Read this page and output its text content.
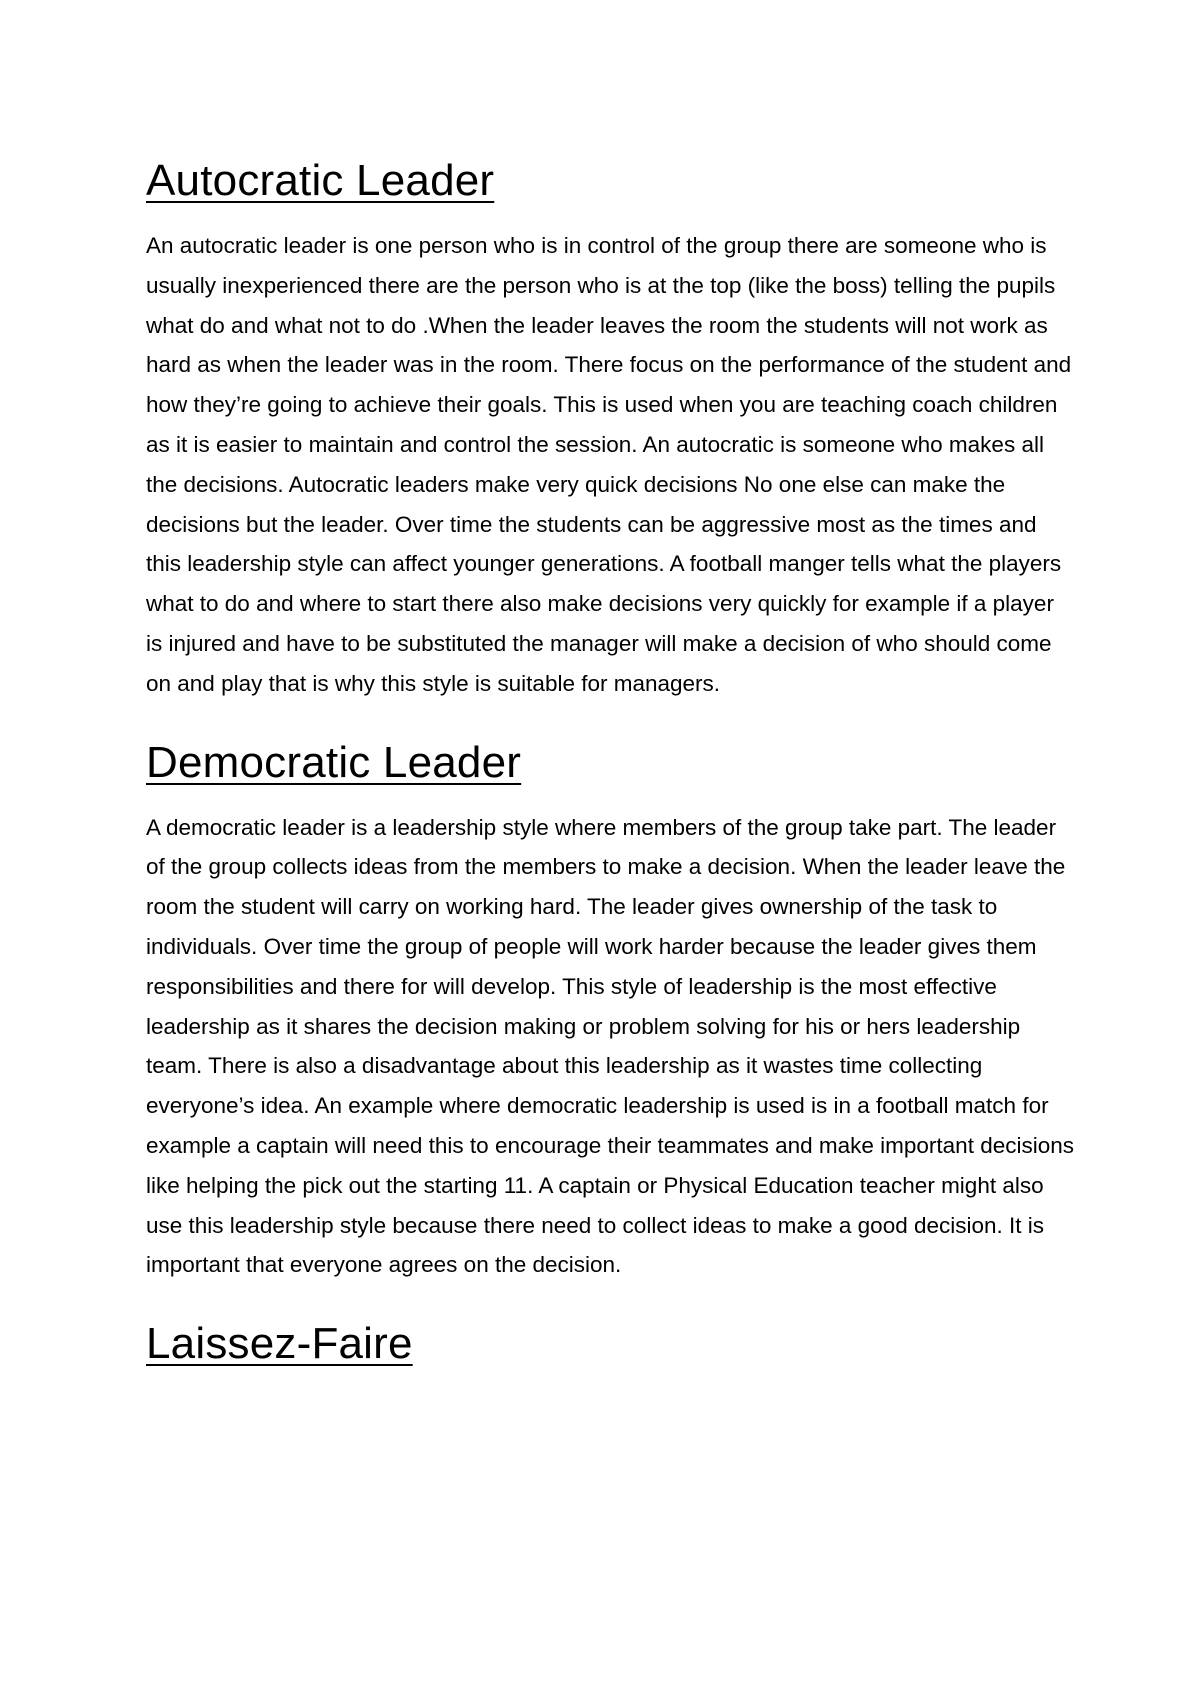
Autocratic Leader

An autocratic leader is one person who is in control of the group there are someone who is usually inexperienced there are the person who is at the top (like the boss) telling the pupils what do and what not to do .When the leader leaves the room the students will not work as hard as when the leader was in the room. There focus on the performance of the student and how they’re going to achieve their goals. This is used when you are teaching coach children as it is easier to maintain and control the session. An autocratic is someone who makes all the decisions. Autocratic leaders make very quick decisions No one else can make the decisions but the leader. Over time the students can be aggressive most as the times and this leadership style can affect younger generations. A football manger tells what the players what to do and where to start there also make decisions very quickly for example if a player is injured and have to be substituted the manager will make a decision of who should come on and play that is why this style is suitable for managers.

Democratic Leader

A democratic leader is a leadership style where members of the group take part. The leader of the group collects ideas from the members to make a decision. When the leader leave the room the student will carry on working hard. The leader gives ownership of the task to individuals. Over time the group of people will work harder because the leader gives them responsibilities and there for will develop. This style of leadership is the most effective leadership as it shares the decision making or problem solving for his or hers leadership team. There is also a disadvantage about this leadership as it wastes time collecting everyone’s idea. An example where democratic leadership is used is in a football match for example a captain will need this to encourage their teammates and make important decisions like helping the pick out the starting 11. A captain or Physical Education teacher might also use this leadership style because there need to collect ideas to make a good decision. It is important that everyone agrees on the decision.

Laissez-Faire
